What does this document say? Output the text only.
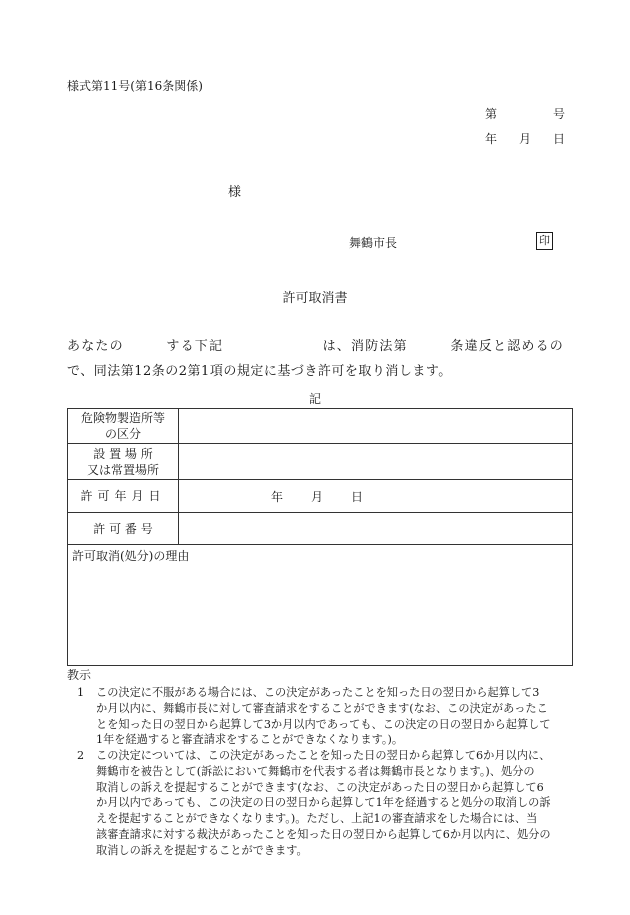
様式第11号(第16条関係)
第	号
年 月 日
様
舞鶴市長	印
許可取消書
あなたの　　　する下記　　　　　　　は、消防法第　　　条違反と認めるの
で、同法第12条の2第1項の規定に基づき許可を取り消します。
記
危険物製造所等
の区分	

設 置 場 所
又は常置場所	

許可年月日	年 月 日

許 可 番 号	
許可取消(処分)の理由	
教示
1 この決定に不服がある場合には、この決定があったことを知った日の翌日から起算して3
か月以内に、舞鶴市長に対して審査請求をすることができます(なお、この決定があったこ
とを知った日の翌日から起算して3か月以内であっても、この決定の日の翌日から起算して
1年を経過すると審査請求をすることができなくなります。)。
2 この決定については、この決定があったことを知った日の翌日から起算して6か月以内に、
舞鶴市を被告として(訴訟において舞鶴市を代表する者は舞鶴市長となります。)、処分の
取消しの訴えを提起することができます(なお、この決定があった日の翌日から起算して6
か月以内であっても、この決定の日の翌日から起算して1年を経過すると処分の取消しの訴
えを提起することができなくなります。)。ただし、上記1の審査請求をした場合には、当
該審査請求に対する裁決があったことを知った日の翌日から起算して6か月以内に、処分の
取消しの訴えを提起することができます。
